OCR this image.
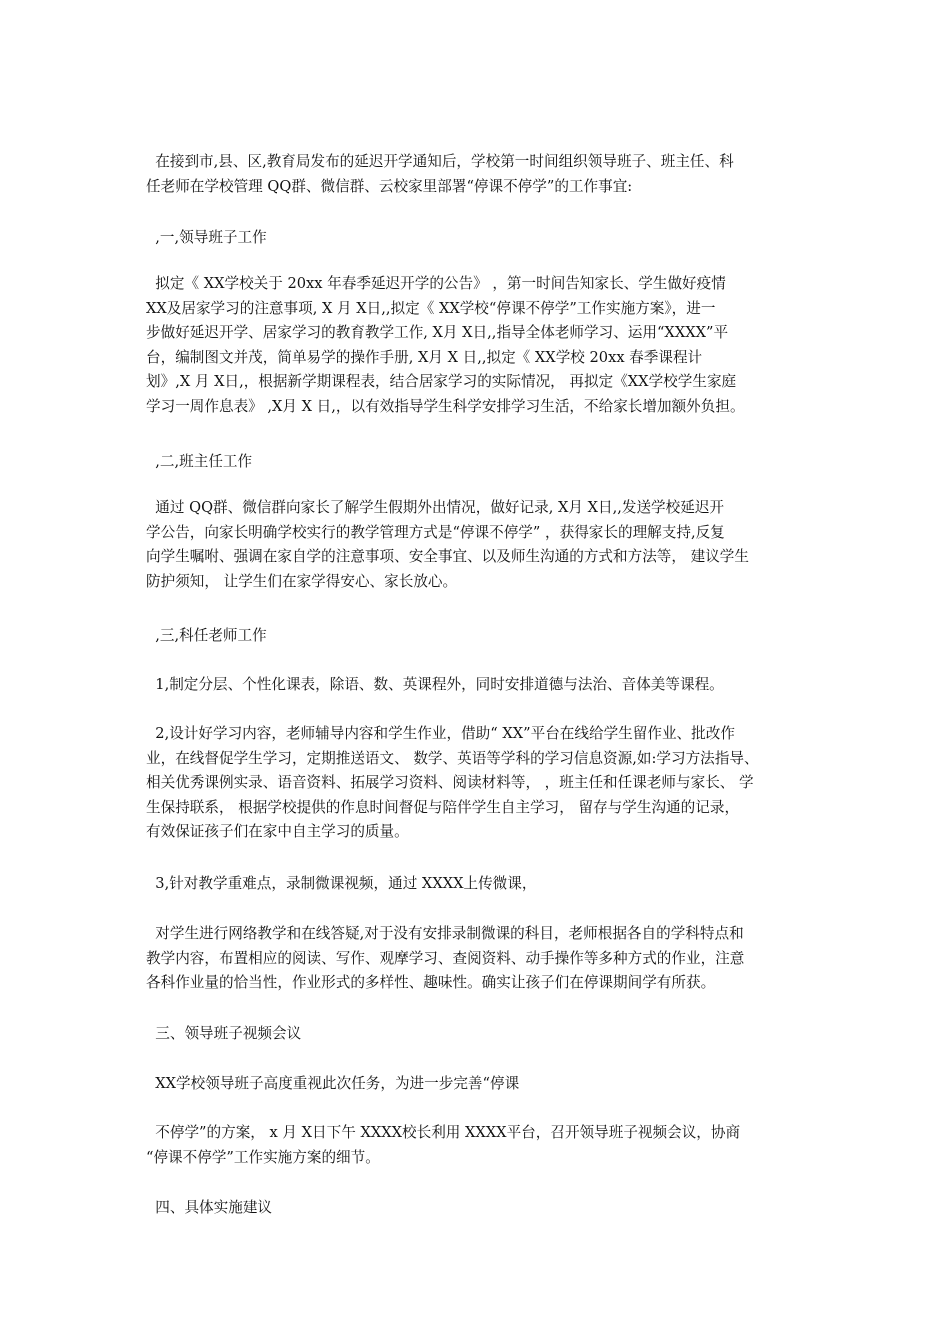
在接到市,县、区,教育局发布的延迟开学通知后，学校第一时间组织领导班子、班主任、科
任老师在学校管理 QQ群、微信群、云校家里部署“停课不停学”的工作事宜:
,一,领导班子工作
拟定《 XX学校关于 20xx 年春季延迟开学的公告》 ，第一时间告知家长、学生做好疫情
XX及居家学习的注意事项, X 月 X日,,拟定《 XX学校“停课不停学”工作实施方案》，进一
步做好延迟开学、居家学习的教育教学工作, X月 X日,,指导全体老师学习、运用“XXXX”平
台，编制图文并茂，简单易学的操作手册, X月 X 日,,拟定《 XX学校 20xx 春季课程计
划》,X 月 X日,，根据新学期课程表，结合居家学习的实际情况， 再拟定《XX学校学生家庭
学习一周作息表》 ,X月 X 日,，以有效指导学生科学安排学习生活，不给家长增加额外负担。
,二,班主任工作
通过 QQ群、微信群向家长了解学生假期外出情况，做好记录, X月 X日,,发送学校延迟开
学公告，向家长明确学校实行的教学管理方式是“停课不停学” ，获得家长的理解支持,反复
向学生嘱咐、强调在家自学的注意事项、安全事宜、以及师生沟通的方式和方法等， 建议学生
防护须知， 让学生们在家学得安心、家长放心。
,三,科任老师工作
1,制定分层、个性化课表，除语、数、英课程外，同时安排道德与法治、音体美等课程。
2,设计好学习内容，老师辅导内容和学生作业，借助“ XX”平台在线给学生留作业、批改作
业，在线督促学生学习，定期推送语文、 数学、英语等学科的学习信息资源,如:学习方法指导、
相关优秀课例实录、语音资料、拓展学习资料、阅读材料等， ，班主任和任课老师与家长、 学
生保持联系， 根据学校提供的作息时间督促与陪伴学生自主学习， 留存与学生沟通的记录，
有效保证孩子们在家中自主学习的质量。
3,针对教学重难点，录制微课视频，通过 XXXX上传微课，
对学生进行网络教学和在线答疑,对于没有安排录制微课的科目，老师根据各自的学科特点和
教学内容，布置相应的阅读、写作、观摩学习、查阅资料、动手操作等多种方式的作业，注意
各科作业量的恰当性，作业形式的多样性、趣味性。确实让孩子们在停课期间学有所获。
三、领导班子视频会议
XX学校领导班子高度重视此次任务，为进一步完善“停课
不停学”的方案， x 月 X日下午 XXXX校长利用 XXXX平台，召开领导班子视频会议，协商
“停课不停学”工作实施方案的细节。
四、具体实施建议
